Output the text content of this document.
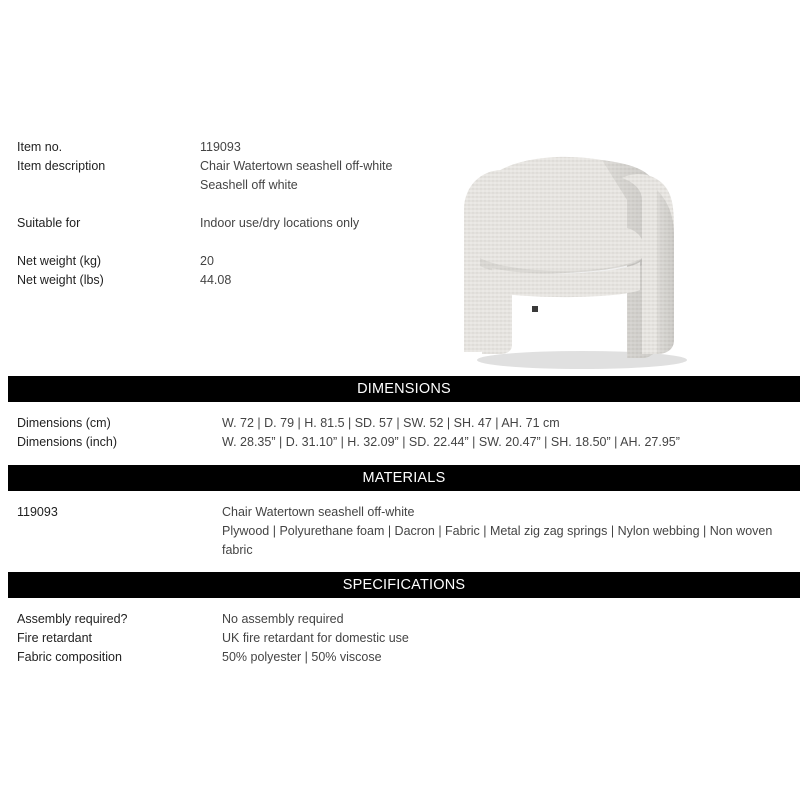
Item no.	119093
Item description	Chair Watertown seashell off-white
Seashell off white
Suitable for	Indoor use/dry locations only
Net weight (kg)	20
Net weight (lbs)	44.08
DIMENSIONS
Dimensions (cm)	W. 72 | D. 79 | H. 81.5 | SD. 57 | SW. 52 | SH. 47 | AH. 71 cm
Dimensions (inch)	W. 28.35” | D. 31.10” | H. 32.09” | SD. 22.44” | SW. 20.47” | SH. 18.50” | AH. 27.95”
MATERIALS
119093	Chair Watertown seashell off-white
Plywood | Polyurethane foam | Dacron | Fabric | Metal zig zag springs | Nylon webbing | Non woven
fabric
SPECIFICATIONS
Assembly required?	No assembly required
Fire retardant	UK fire retardant for domestic use
Fabric composition	50% polyester | 50% viscose
